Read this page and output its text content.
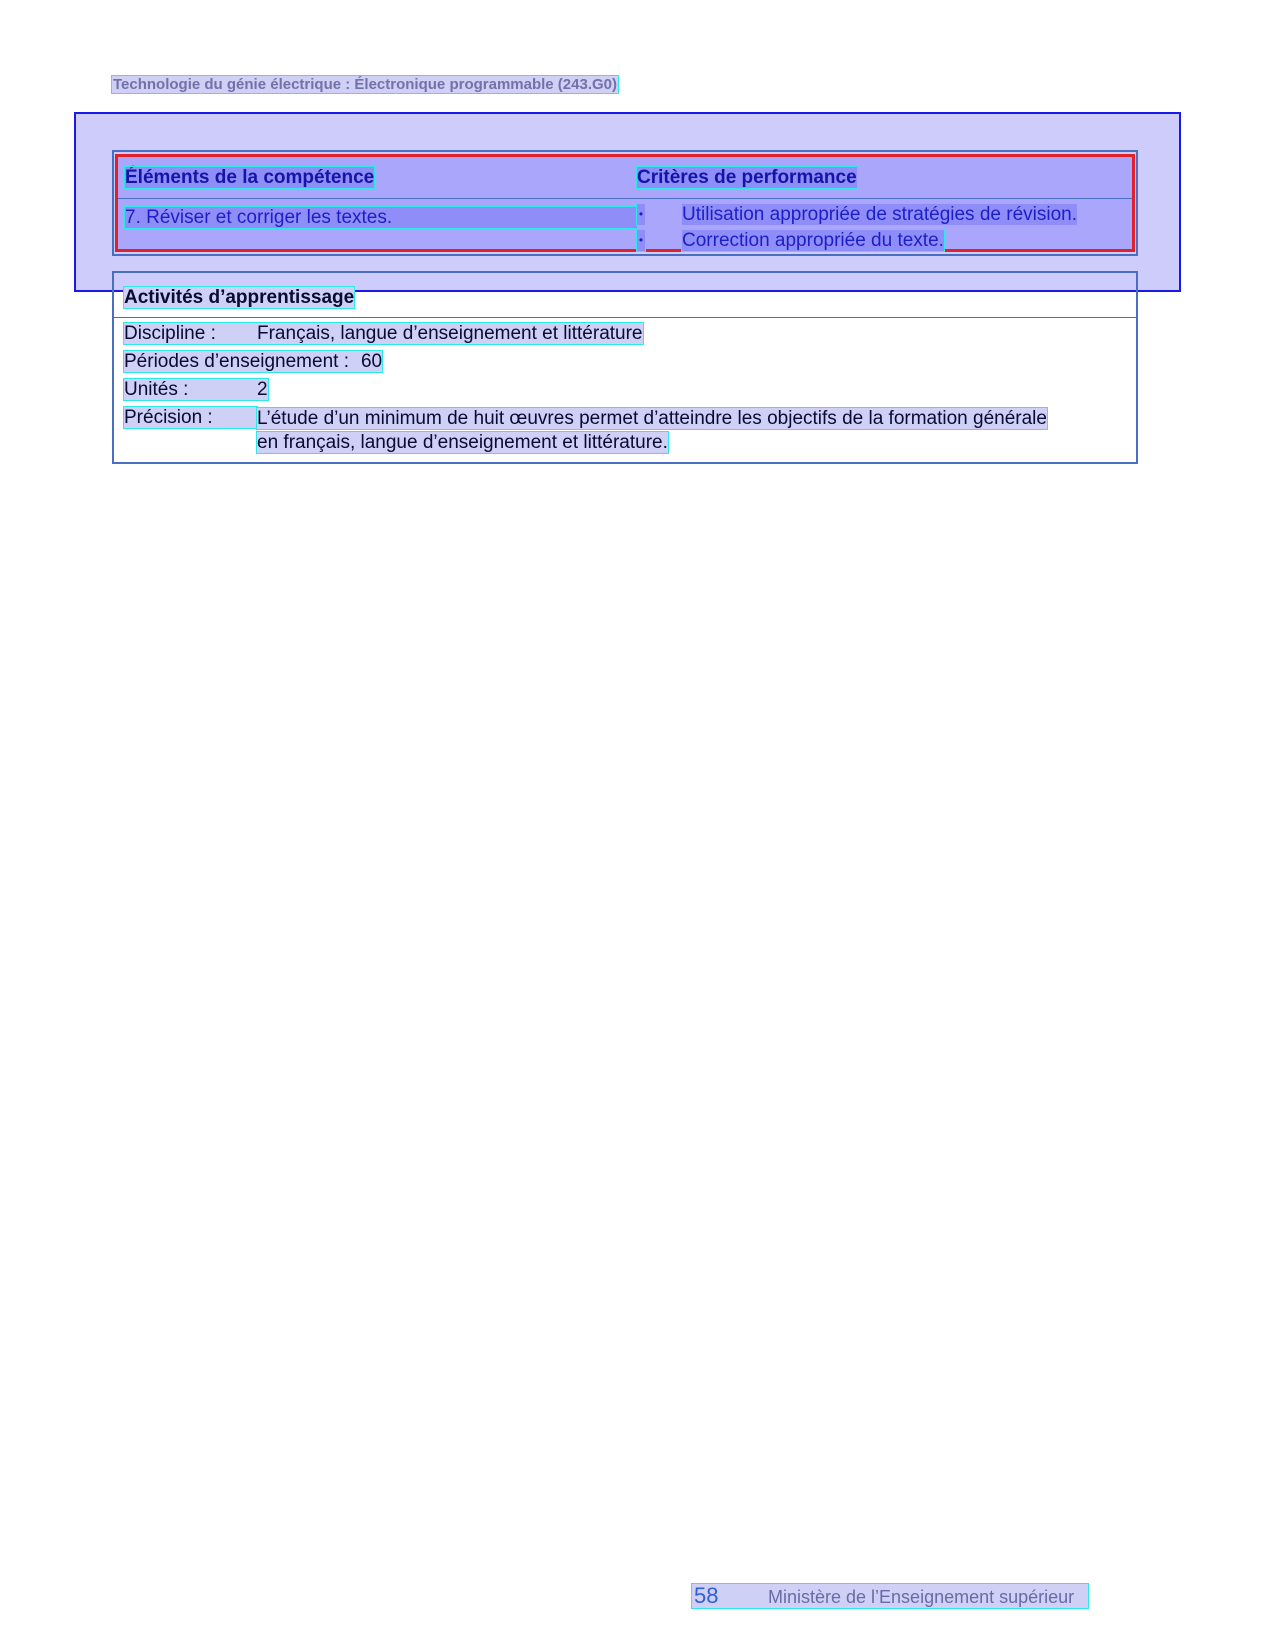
Technologie du génie électrique : Électronique programmable (243.G0)
Éléments de la compétence	Critères de performance
7. Réviser et corriger les textes.	• Utilisation appropriée de stratégies de révision.
• Correction appropriée du texte.
Activités d’apprentissage
Discipline : Français, langue d’enseignement et littérature
Périodes d’enseignement : 60
Unités :	2
Précision :	L’étude d’un minimum de huit œuvres permet d’atteindre les objectifs de la formation générale
en français, langue d’enseignement et littérature.
58	Ministère de l’Enseignement supérieur
